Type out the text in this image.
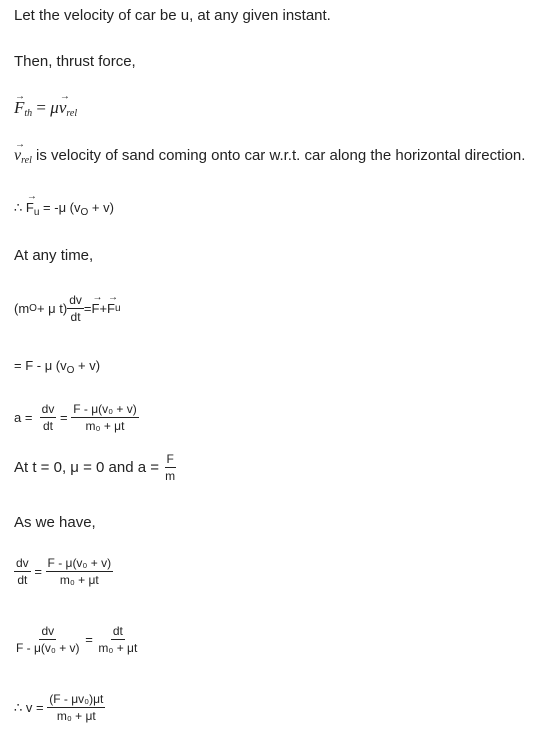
Let the velocity of car be u, at any given instant.
Then, thrust force,
→ $F_{th} = \mu\to v_{rel}$
→ $v_{rel}$ is velocity of sand coming onto car w.r.t. car along the horizontal direction.
∴ → $F_u = -\mu$ $(v_O + v)$
At any time,
(m O + μ $t) \frac{dv}{dt}$ = → F + → F u
= F - μ $(v_O + v)$
a =
$\frac{dv}{dt}$
=
$\frac{\text{F - μ(v₀ + v)}}{\text{m₀ + μt}}$
At t = 0, μ = 0 and a =
$\frac{F}{m}$
As we have,
$\frac{dv}{dt}$
=
$\frac{\text{F - μ(v₀ + v)}}{\text{m₀ + μt}}$
$\frac{dv}{\text{F - μ(v₀ + v)}}$
=
$\frac{dt}{\text{m₀ + μt}}$
∴ v =
$\frac{\text{(F - μv₀)μt}}{\text{m₀ + μt}}$
